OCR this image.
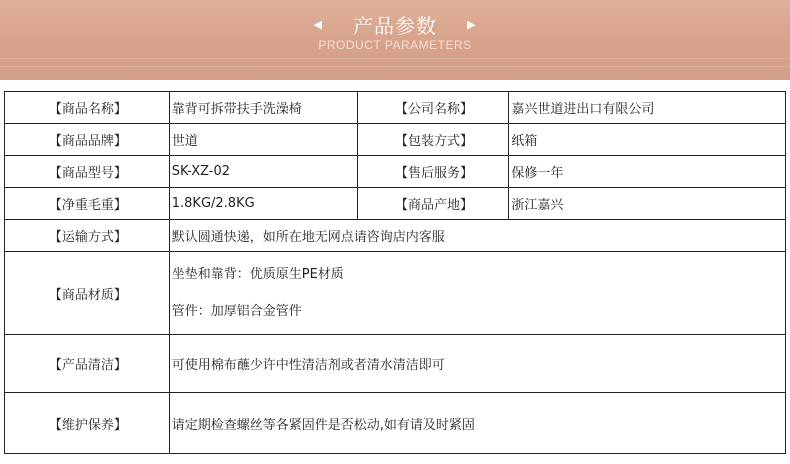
◀ 产品参数	▶
PRODUCT PARAMETERS
【商品名称】	靠背可拆带扶手洗澡椅	【公司名称】	嘉兴世道进出口有限公司
【商品品牌】	世道	【包装方式】	纸箱
【商品型号】	SK-XZ-02	【售后服务】	保修一年
【净重毛重】	1.8KG/2.8KG	【商品产地】	浙江嘉兴
【运输方式】	默认圆通快递，如所在地无网点请咨询店内客服		
【商品材质】	坐垫和靠背：优质原生PE材质
管件：加厚铝合金管件		

【产品清洁】	可使用棉布蘸少许中性清洁剂或者清水清洁即可		
【维护保养】	请定期检查螺丝等各紧固件是否松动,如有请及时紧固		
